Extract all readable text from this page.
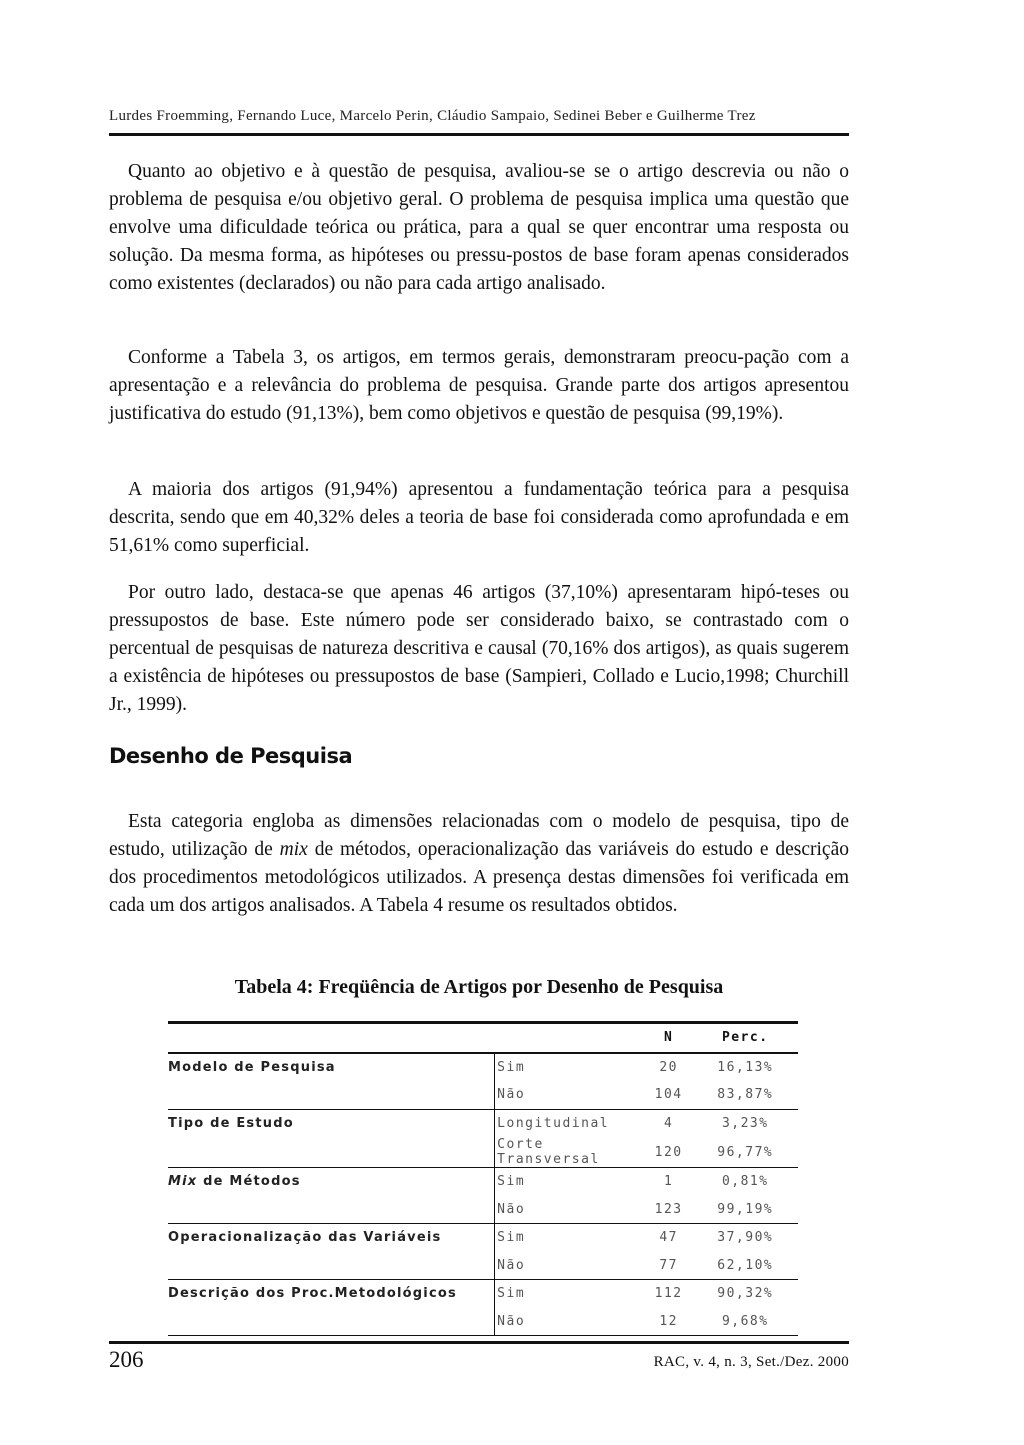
Lurdes Froemming, Fernando Luce, Marcelo Perin, Cláudio Sampaio, Sedinei Beber e Guilherme Trez

Quanto ao objetivo e à questão de pesquisa, avaliou-se se o artigo descrevia ou não o problema de pesquisa e/ou objetivo geral. O problema de pesquisa implica uma questão que envolve uma dificuldade teórica ou prática, para a qual se quer encontrar uma resposta ou solução. Da mesma forma, as hipóteses ou pressu-postos de base foram apenas considerados como existentes (declarados) ou não para cada artigo analisado.

Conforme a Tabela 3, os artigos, em termos gerais, demonstraram preocu-pação com a apresentação e a relevância do problema de pesquisa. Grande parte dos artigos apresentou justificativa do estudo (91,13%), bem como objetivos e questão de pesquisa (99,19%).

A maioria dos artigos (91,94%) apresentou a fundamentação teórica para a pesquisa descrita, sendo que em 40,32% deles a teoria de base foi considerada como aprofundada e em 51,61% como superficial.

Por outro lado, destaca-se que apenas 46 artigos (37,10%) apresentaram hipó-teses ou pressupostos de base. Este número pode ser considerado baixo, se contrastado com o percentual de pesquisas de natureza descritiva e causal (70,16% dos artigos), as quais sugerem a existência de hipóteses ou pressupostos de base (Sampieri, Collado e Lucio,1998; Churchill Jr., 1999).

Desenho de Pesquisa

Esta categoria engloba as dimensões relacionadas com o modelo de pesquisa, tipo de estudo, utilização de mix de métodos, operacionalização das variáveis do estudo e descrição dos procedimentos metodológicos utilizados. A presença destas dimensões foi verificada em cada um dos artigos analisados. A Tabela 4 resume os resultados obtidos.

Tabela 4: Freqüência de Artigos por Desenho de Pesquisa
		N	Perc.
Modelo de Pesquisa	Sim	20	16,13%
	Não	104	83,87%
Tipo de Estudo	Longitudinal	4	3,23%
	Corte Transversal	120	96,77%
Mix de Métodos	Sim	1	0,81%
	Não	123	99,19%
Operacionalização das Variáveis	Sim	47	37,90%
	Não	77	62,10%
Descrição dos Proc.Metodológicos	Sim	112	90,32%
	Não	12	9,68%
206	RAC, v. 4, n. 3, Set./Dez. 2000
